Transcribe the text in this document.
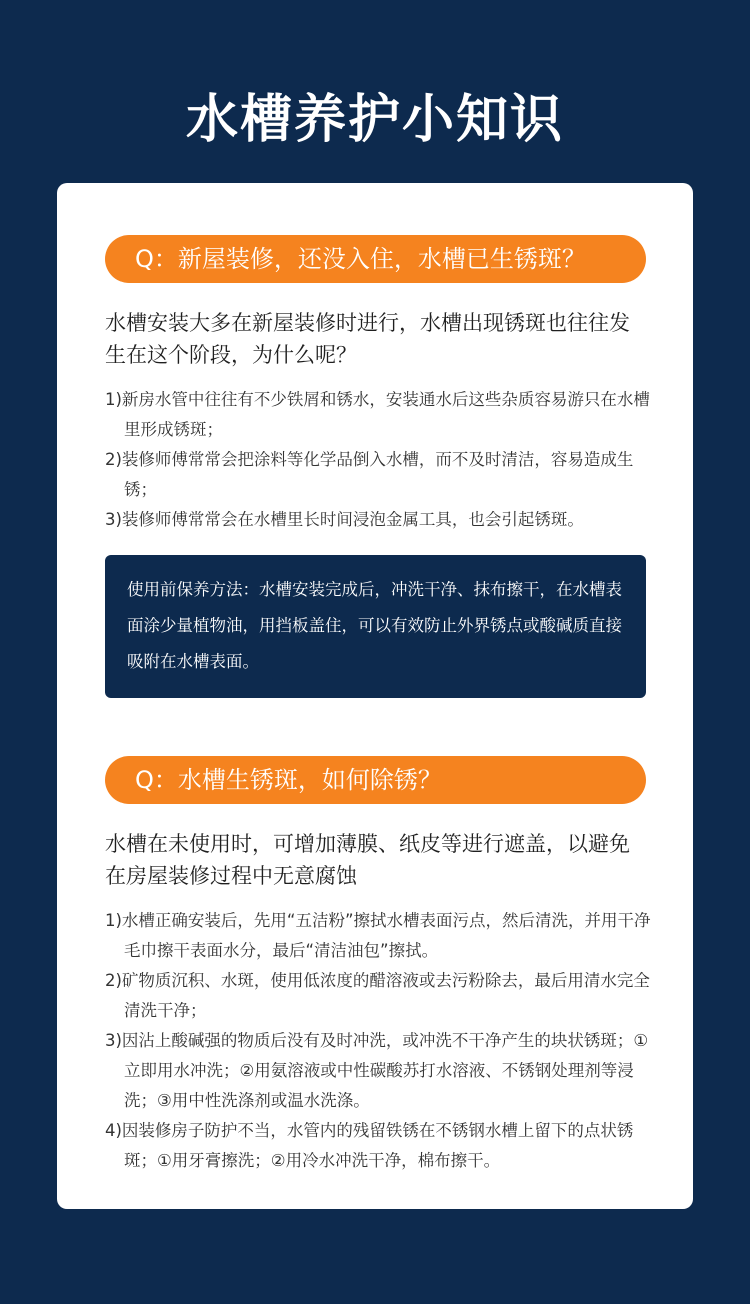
水槽养护小知识
Q：新屋装修，还没入住，水槽已生锈斑？
水槽安装大多在新屋装修时进行，水槽出现锈斑也往往发生在这个阶段，为什么呢？
1)新房水管中往往有不少铁屑和锈水，安装通水后这些杂质容易游只在水槽里形成锈斑；
2)装修师傅常常会把涂料等化学品倒入水槽，而不及时清洁，容易造成生锈；
3)装修师傅常常会在水槽里长时间浸泡金属工具，也会引起锈斑。
使用前保养方法：水槽安装完成后，冲洗干净、抹布擦干，在水槽表面涂少量植物油，用挡板盖住，可以有效防止外界锈点或酸碱质直接吸附在水槽表面。
Q：水槽生锈斑，如何除锈？
水槽在未使用时，可增加薄膜、纸皮等进行遮盖，以避免在房屋装修过程中无意腐蚀
1)水槽正确安装后，先用“五洁粉”擦拭水槽表面污点，然后清洗，并用干净毛巾擦干表面水分，最后“清洁油包”擦拭。
2)矿物质沉积、水斑，使用低浓度的醋溶液或去污粉除去，最后用清水完全清洗干净；
3)因沾上酸碱强的物质后没有及时冲洗，或冲洗不干净产生的块状锈斑；①立即用水冲洗；②用氨溶液或中性碳酸苏打水溶液、不锈钢处理剂等浸洗；③用中性洗涤剂或温水洗涤。
4)因装修房子防护不当，水管内的残留铁锈在不锈钢水槽上留下的点状锈斑；①用牙膏擦洗；②用冷水冲洗干净，棉布擦干。
